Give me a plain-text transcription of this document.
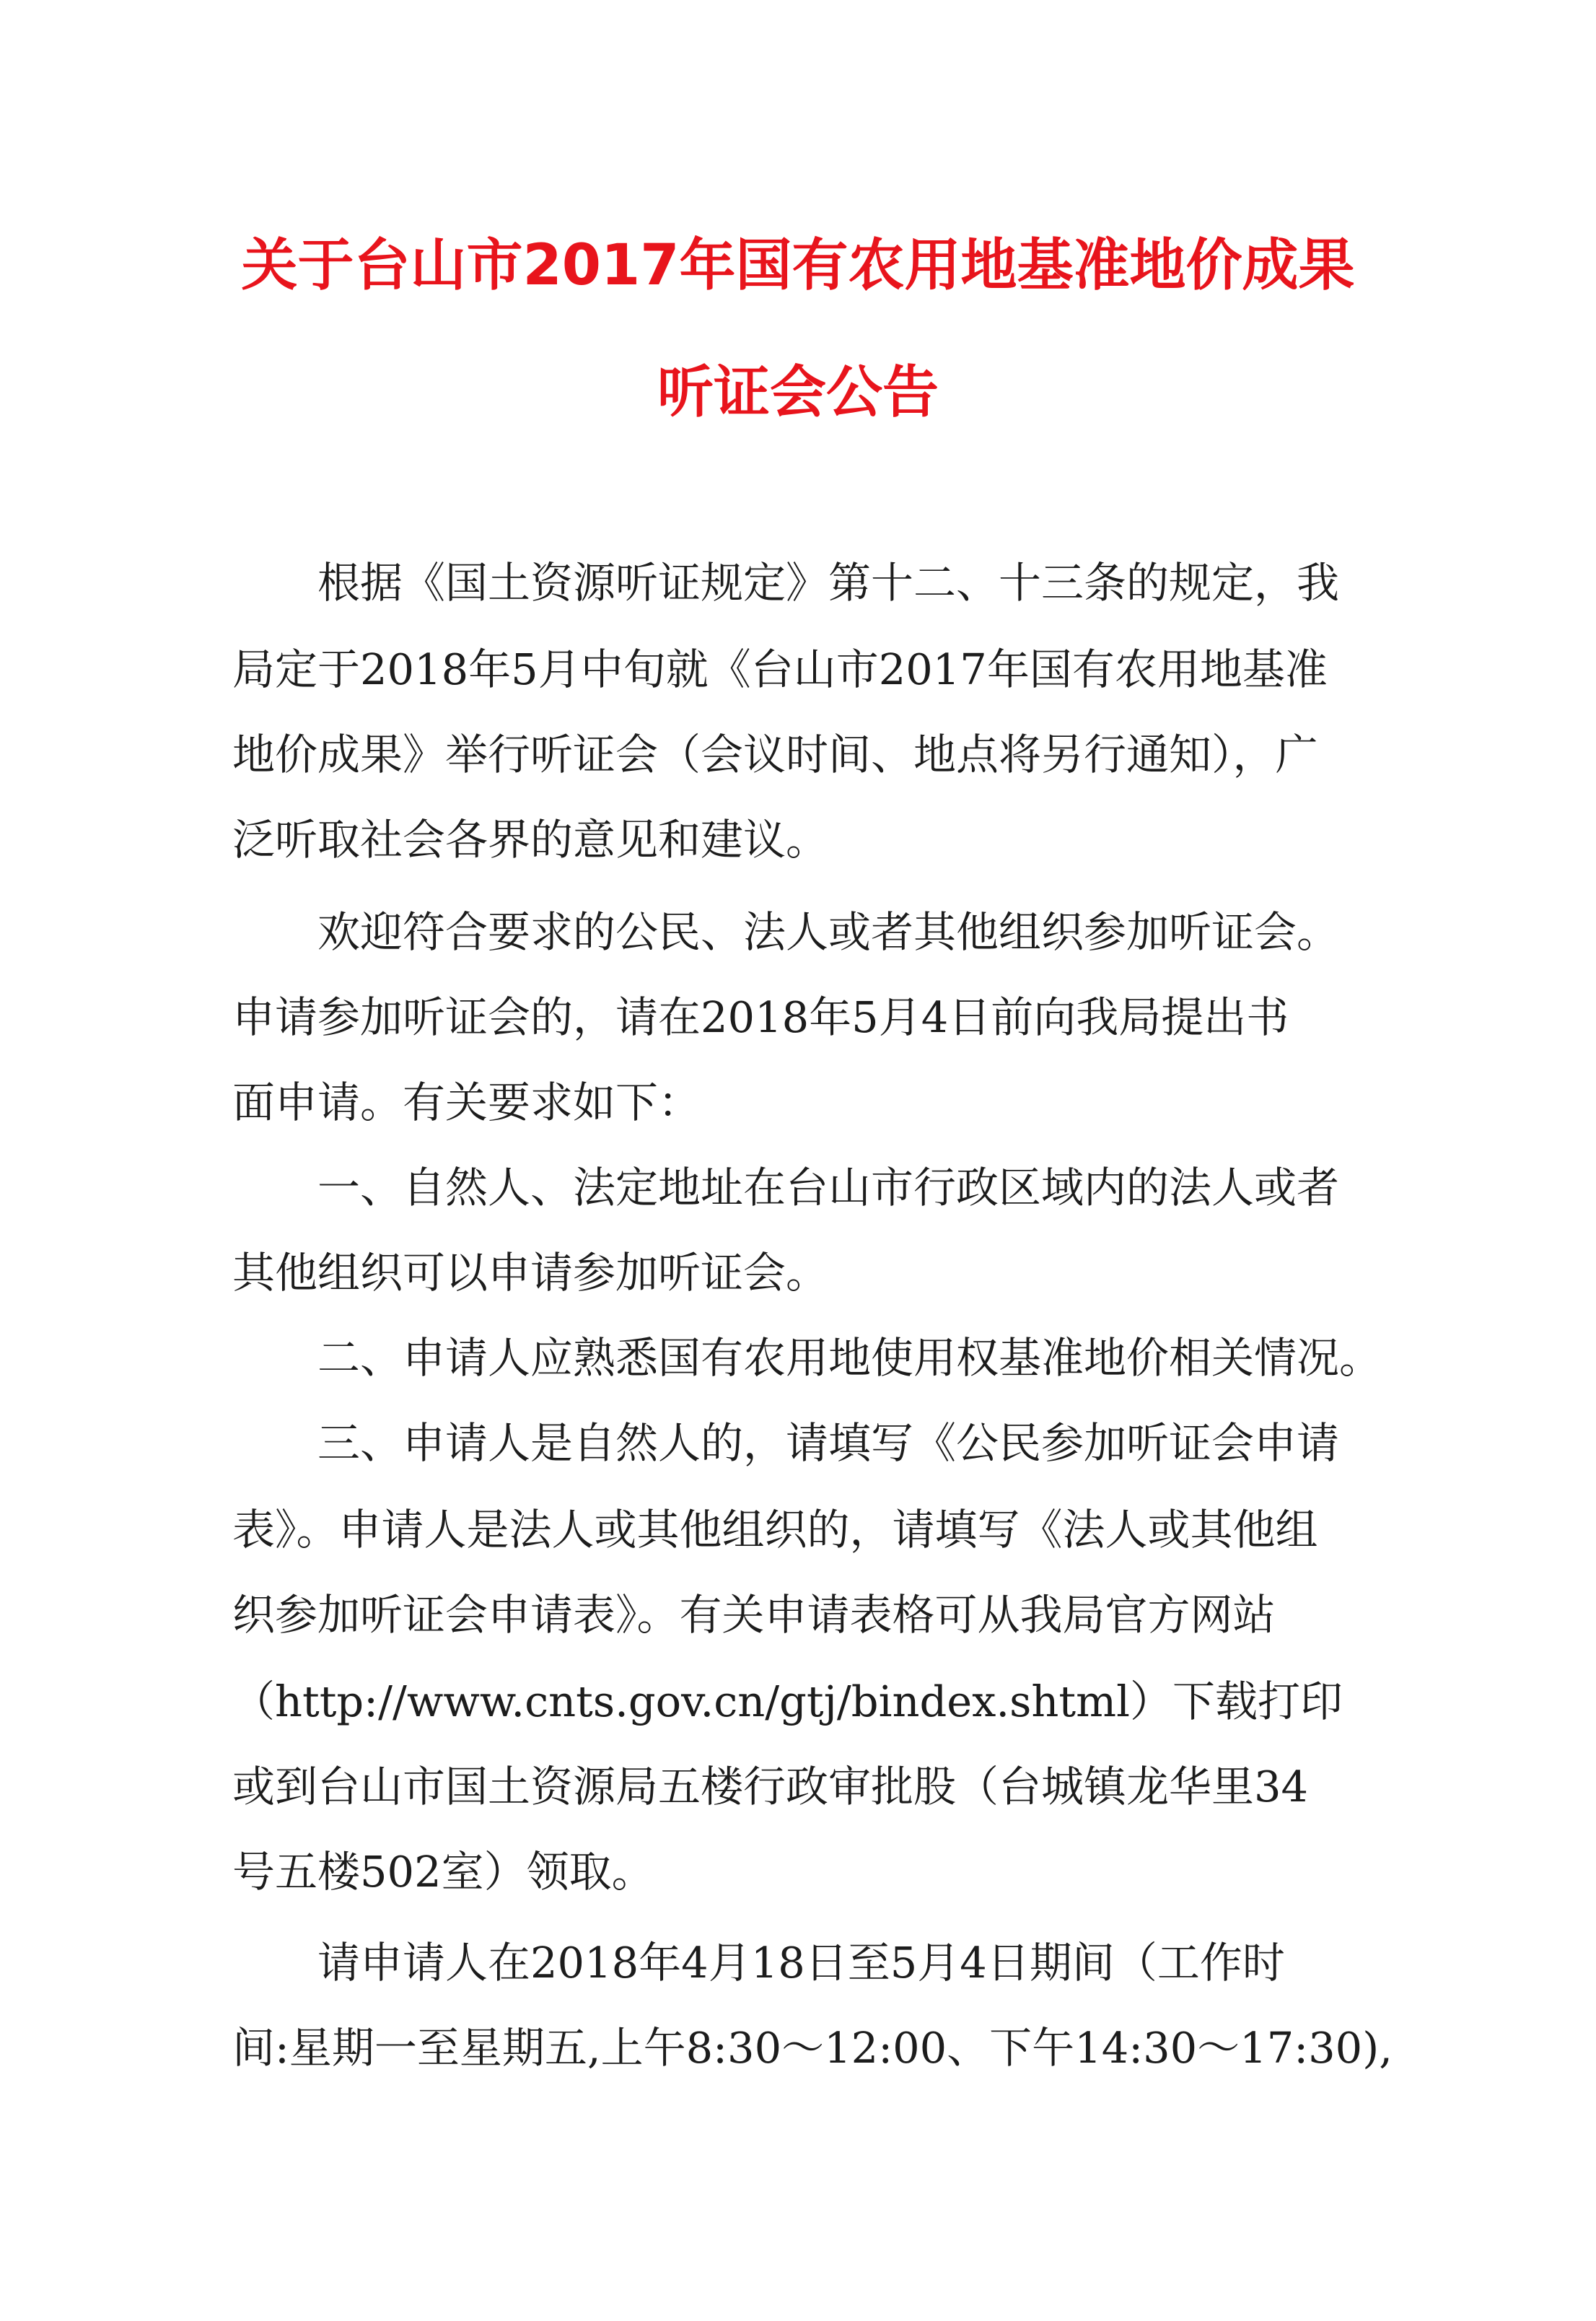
关于台山市2017年国有农用地基准地价成果
听证会公告
根据《国土资源听证规定》第十二、十三条的规定，我
局定于2018年5月中旬就《台山市2017年国有农用地基准
地价成果》举行听证会（会议时间、地点将另行通知），广
泛听取社会各界的意见和建议。
欢迎符合要求的公民、法人或者其他组织参加听证会。
申请参加听证会的，请在2018年5月4日前向我局提出书
面申请。有关要求如下：
一、自然人、法定地址在台山市行政区域内的法人或者
其他组织可以申请参加听证会。
二、申请人应熟悉国有农用地使用权基准地价相关情况。
三、申请人是自然人的，请填写《公民参加听证会申请
表》。申请人是法人或其他组织的，请填写《法人或其他组
织参加听证会申请表》。有关申请表格可从我局官方网站
（http://www.cnts.gov.cn/gtj/bindex.shtml）下载打印
或到台山市国土资源局五楼行政审批股（台城镇龙华里34
号五楼502室）领取。
请申请人在2018年4月18日至5月4日期间（工作时
间:星期一至星期五,上午8:30～12:00、下午14:30～17:30),
